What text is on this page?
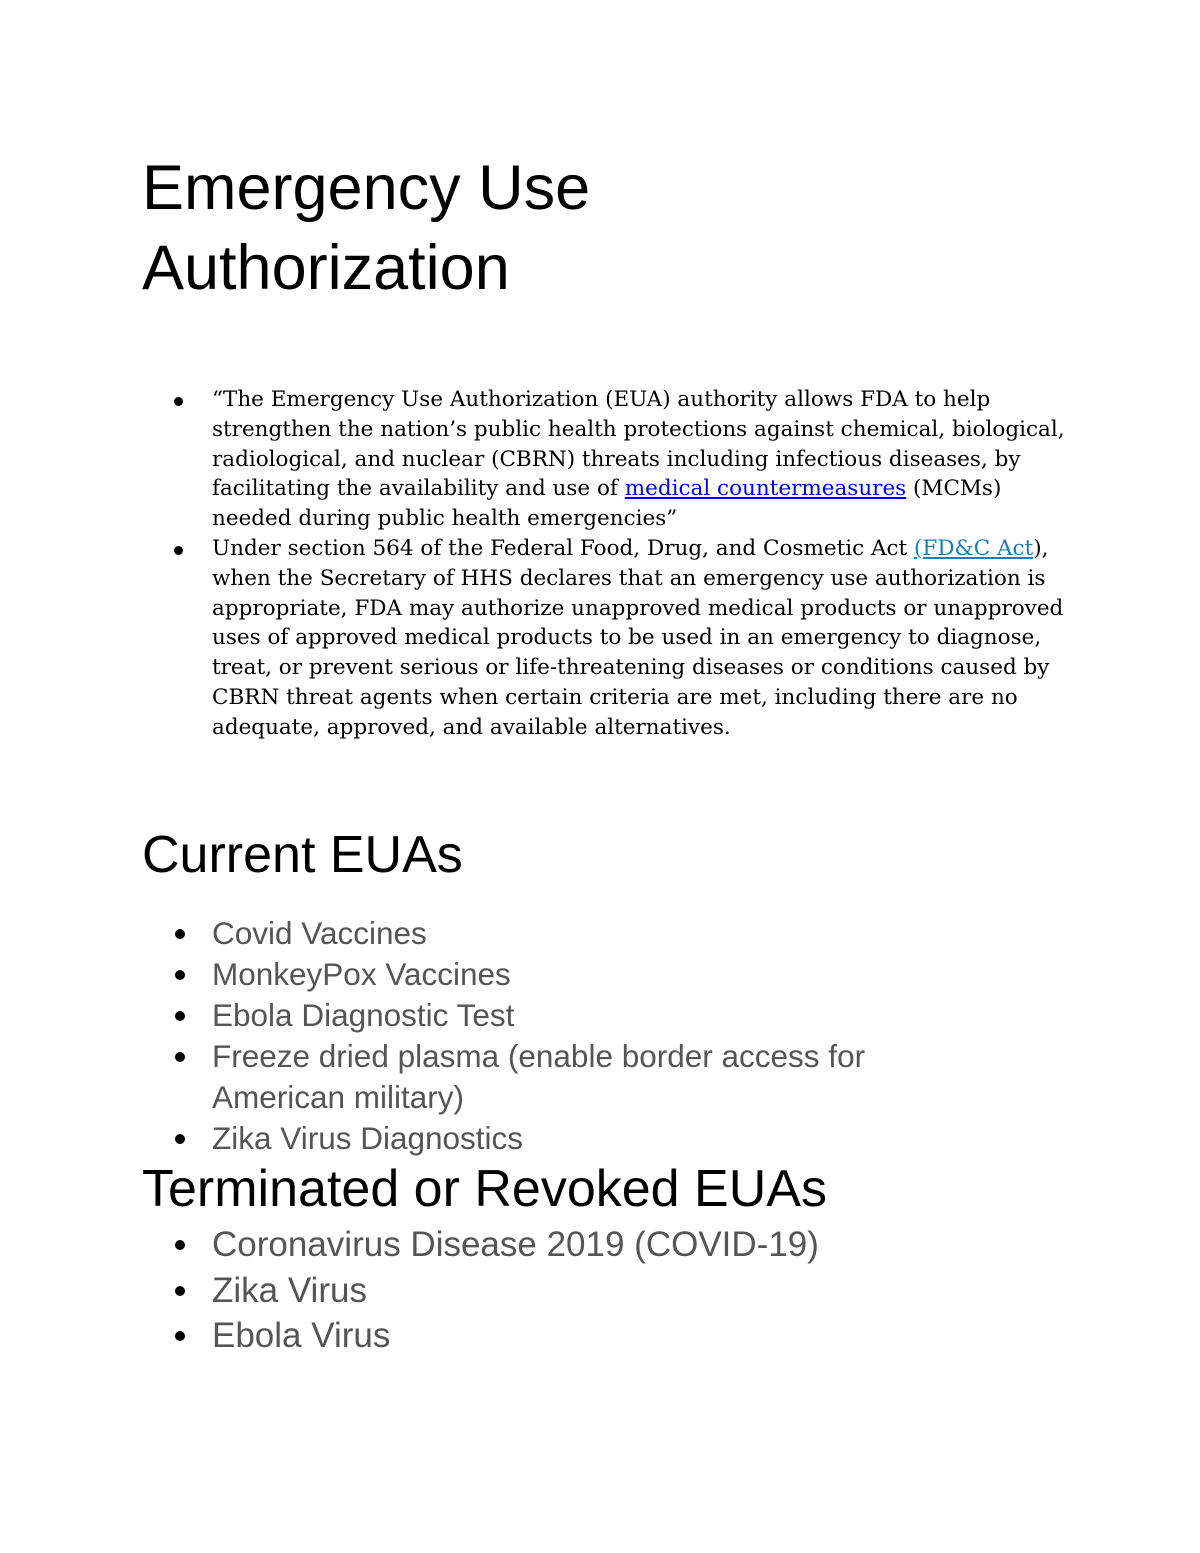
Emergency Use
Authorization
“The Emergency Use Authorization (EUA) authority allows FDA to help strengthen the nation’s public health protections against chemical, biological, radiological, and nuclear (CBRN) threats including infectious diseases, by facilitating the availability and use of medical countermeasures (MCMs) needed during public health emergencies”
Under section 564 of the Federal Food, Drug, and Cosmetic Act (FD&C Act), when the Secretary of HHS declares that an emergency use authorization is appropriate, FDA may authorize unapproved medical products or unapproved uses of approved medical products to be used in an emergency to diagnose, treat, or prevent serious or life-threatening diseases or conditions caused by CBRN threat agents when certain criteria are met, including there are no adequate, approved, and available alternatives.
Current EUAs
Covid Vaccines
MonkeyPox Vaccines
Ebola Diagnostic Test
Freeze dried plasma (enable border access for American military)
Zika Virus Diagnostics
Terminated or Revoked EUAs
Coronavirus Disease 2019 (COVID-19)
Zika Virus
Ebola Virus
